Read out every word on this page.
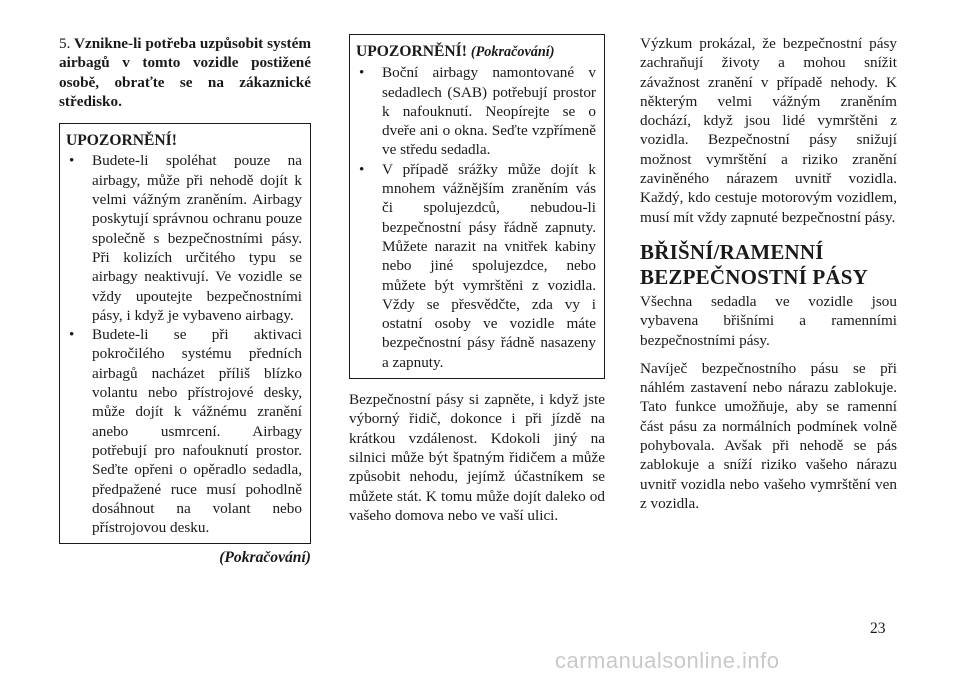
5. Vznikne-li potřeba uzpůsobit systém airbagů v tomto vozidle postižené osobě, obraťte se na zákaznické středisko.

UPOZORNĚNÍ!
• Budete-li spoléhat pouze na airbagy, může při nehodě dojít k velmi vážným zraněním. Airbagy poskytují správnou ochranu pouze společně s bezpečnostními pásy. Při kolizích určitého typu se airbagy neaktivují. Ve vozidle se vždy upoutejte bezpečnostními pásy, i když je vybaveno airbagy.
• Budete-li se při aktivaci pokročilého systému předních airbagů nacházet příliš blízko volantu nebo přístrojové desky, může dojít k vážnému zranění anebo usmrcení. Airbagy potřebují pro nafouknutí prostor. Seďte opřeni o opěradlo sedadla, předpažené ruce musí pohodlně dosáhnout na volant nebo přístrojovou desku.
(Pokračování)
UPOZORNĚNÍ! (Pokračování)
• Boční airbagy namontované v sedadlech (SAB) potřebují prostor k nafouknutí. Neopírejte se o dveře ani o okna. Seďte vzpřímeně ve středu sedadla.
• V případě srážky může dojít k mnohem vážnějším zraněním vás či spolujezdců, nebudou-li bezpečnostní pásy řádně zapnuty. Můžete narazit na vnitřek kabiny nebo jiné spolujezdce, nebo můžete být vymrštěni z vozidla. Vždy se přesvědčte, zda vy i ostatní osoby ve vozidle máte bezpečnostní pásy řádně nasazeny a zapnuty.

Bezpečnostní pásy si zapněte, i když jste výborný řidič, dokonce i při jízdě na krátkou vzdálenost. Kdokoli jiný na silnici může být špatným řidičem a může způsobit nehodu, jejímž účastníkem se můžete stát. K tomu může dojít daleko od vašeho domova nebo ve vaší ulici.

Výzkum prokázal, že bezpečnostní pásy zachraňují životy a mohou snížit závažnost zranění v případě nehody. K některým velmi vážným zraněním dochází, když jsou lidé vymrštěni z vozidla. Bezpečnostní pásy snižují možnost vymrštění a riziko zranění zaviněného nárazem uvnitř vozidla. Každý, kdo cestuje motorovým vozidlem, musí mít vždy zapnuté bezpečnostní pásy.

BŘIŠNÍ/RAMENNÍ
BEZPEČNOSTNÍ PÁSY

Všechna sedadla ve vozidle jsou vybavena břišními a ramenními bezpečnostními pásy.

Navíječ bezpečnostního pásu se při náhlém zastavení nebo nárazu zablokuje. Tato funkce umožňuje, aby se ramenní část pásu za normálních podmínek volně pohybovala. Avšak při nehodě se pás zablokuje a sníží riziko vašeho nárazu uvnitř vozidla nebo vašeho vymrštění ven z vozidla.

23
carmanualsonline.info
